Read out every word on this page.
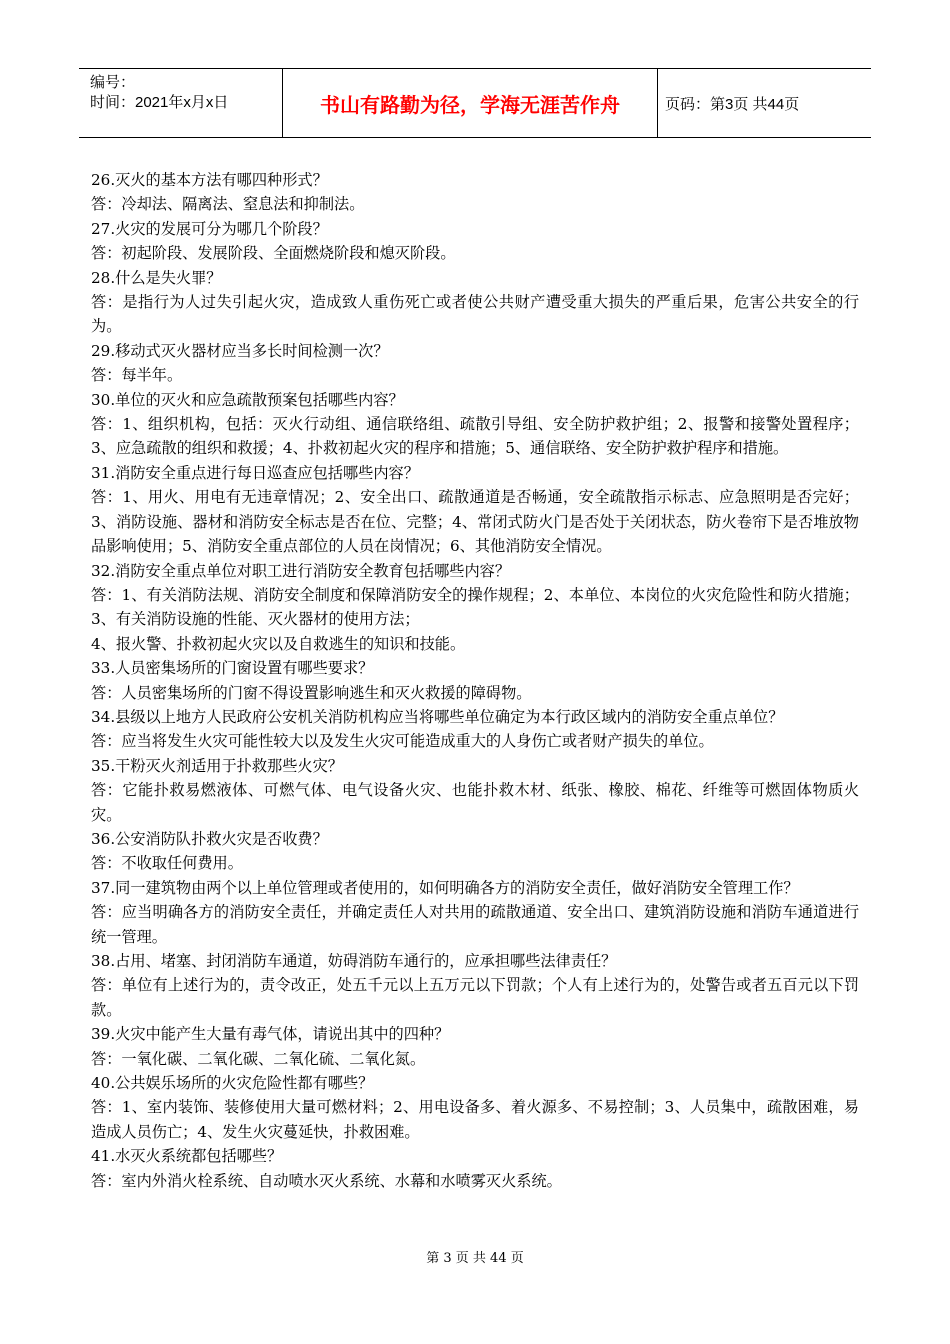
编号：
时间：2021年x月x日	书山有路勤为径，学海无涯苦作舟	页码：第3页 共44页

26.灭火的基本方法有哪四种形式？

答：冷却法、隔离法、窒息法和抑制法。

27.火灾的发展可分为哪几个阶段？

答：初起阶段、发展阶段、全面燃烧阶段和熄灭阶段。

28.什么是失火罪？

答：是指行为人过失引起火灾，造成致人重伤死亡或者使公共财产遭受重大损失的严重后果，危害公共安全的行为。

29.移动式灭火器材应当多长时间检测一次？

答：每半年。

30.单位的灭火和应急疏散预案包括哪些内容？

答：1、组织机构，包括：灭火行动组、通信联络组、疏散引导组、安全防护救护组；2、报警和接警处置程序；3、应急疏散的组织和救援；4、扑救初起火灾的程序和措施；5、通信联络、安全防护救护程序和措施。

31.消防安全重点进行每日巡查应包括哪些内容？

答：1、用火、用电有无违章情况；2、安全出口、疏散通道是否畅通，安全疏散指示标志、应急照明是否完好；3、消防设施、器材和消防安全标志是否在位、完整；4、常闭式防火门是否处于关闭状态，防火卷帘下是否堆放物品影响使用；5、消防安全重点部位的人员在岗情况；6、其他消防安全情况。

32.消防安全重点单位对职工进行消防安全教育包括哪些内容？

答：1、有关消防法规、消防安全制度和保障消防安全的操作规程；2、本单位、本岗位的火灾危险性和防火措施；3、有关消防设施的性能、灭火器材的使用方法；

4、报火警、扑救初起火灾以及自救逃生的知识和技能。

33.人员密集场所的门窗设置有哪些要求？

答：人员密集场所的门窗不得设置影响逃生和灭火救援的障碍物。

34.县级以上地方人民政府公安机关消防机构应当将哪些单位确定为本行政区域内的消防安全重点单位？

答：应当将发生火灾可能性较大以及发生火灾可能造成重大的人身伤亡或者财产损失的单位。

35.干粉灭火剂适用于扑救那些火灾？

答：它能扑救易燃液体、可燃气体、电气设备火灾、也能扑救木材、纸张、橡胶、棉花、纤维等可燃固体物质火灾。

36.公安消防队扑救火灾是否收费？

答：不收取任何费用。

37.同一建筑物由两个以上单位管理或者使用的，如何明确各方的消防安全责任，做好消防安全管理工作？

答：应当明确各方的消防安全责任，并确定责任人对共用的疏散通道、安全出口、建筑消防设施和消防车通道进行统一管理。

38.占用、堵塞、封闭消防车通道，妨碍消防车通行的，应承担哪些法律责任？

答：单位有上述行为的，责令改正，处五千元以上五万元以下罚款；个人有上述行为的，处警告或者五百元以下罚款。

39.火灾中能产生大量有毒气体，请说出其中的四种？

答：一氧化碳、二氧化碳、二氧化硫、二氧化氮。

40.公共娱乐场所的火灾危险性都有哪些？

答：1、室内装饰、装修使用大量可燃材料；2、用电设备多、着火源多、不易控制；3、人员集中，疏散困难，易造成人员伤亡；4、发生火灾蔓延快，扑救困难。

41.水灭火系统都包括哪些？

答：室内外消火栓系统、自动喷水灭火系统、水幕和水喷雾灭火系统。

第 3 页 共 44 页
